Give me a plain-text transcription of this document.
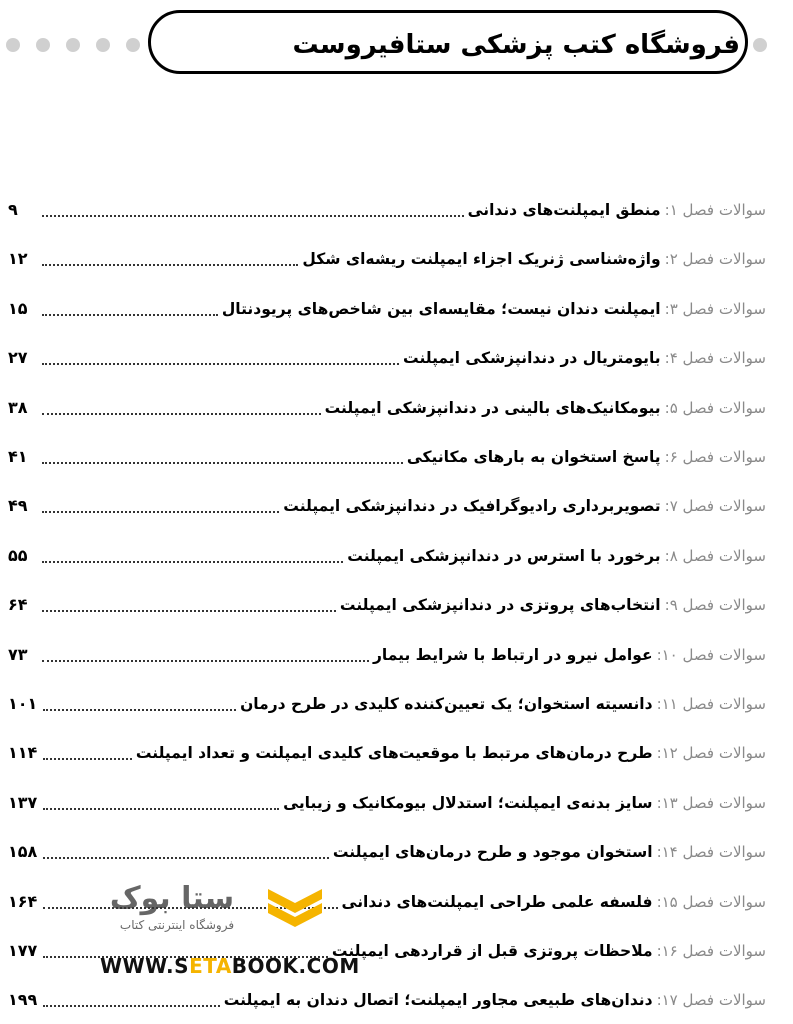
فروشگاه کتب پزشکی ستافیروست
سوالات فصل ۱:
منطق ایمپلنت‌های دندانی
۹
سوالات فصل ۲:
واژه‌شناسی ژنریک اجزاء ایمپلنت ریشه‌ای شکل
۱۲
سوالات فصل ۳:
ایمپلنت دندان نیست؛ مقایسه‌ای بین شاخص‌های پریودنتال
۱۵
سوالات فصل ۴:
بایومتریال در دندانپزشکی ایمپلنت
۲۷
سوالات فصل ۵:
بیومکانیک‌های بالینی در دندانپزشکی ایمپلنت
۳۸
سوالات فصل ۶:
پاسخ استخوان به بارهای مکانیکی
۴۱
سوالات فصل ۷:
تصویربرداری رادیوگرافیک در دندانپزشکی ایمپلنت
۴۹
سوالات فصل ۸:
برخورد با استرس در دندانپزشکی ایمپلنت
۵۵
سوالات فصل ۹:
انتخاب‌های پروتزی در دندانپزشکی ایمپلنت
۶۴
سوالات فصل ۱۰:
عوامل نیرو در ارتباط با شرایط بیمار
۷۳
سوالات فصل ۱۱:
دانسیته استخوان؛ یک تعیین‌کننده کلیدی در طرح درمان
۱۰۱
سوالات فصل ۱۲:
طرح درمان‌های مرتبط با موقعیت‌های کلیدی ایمپلنت و تعداد ایمپلنت
۱۱۴
سوالات فصل ۱۳:
سایز بدنه‌ی ایمپلنت؛ استدلال بیومکانیک و زیبایی
۱۳۷
سوالات فصل ۱۴:
استخوان موجود و طرح درمان‌های ایمپلنت
۱۵۸
سوالات فصل ۱۵:
فلسفه علمی طراحی ایمپلنت‌های دندانی
۱۶۴
سوالات فصل ۱۶:
ملاحظات پروتزی قبل از قراردهی ایمپلنت
۱۷۷
سوالات فصل ۱۷:
دندان‌های طبیعی مجاور ایمپلنت؛ اتصال دندان به ایمپلنت
۱۹۹
ستا بوک
فروشگاه اینترنتی کتاب
WWW.SETABOOK.COM
